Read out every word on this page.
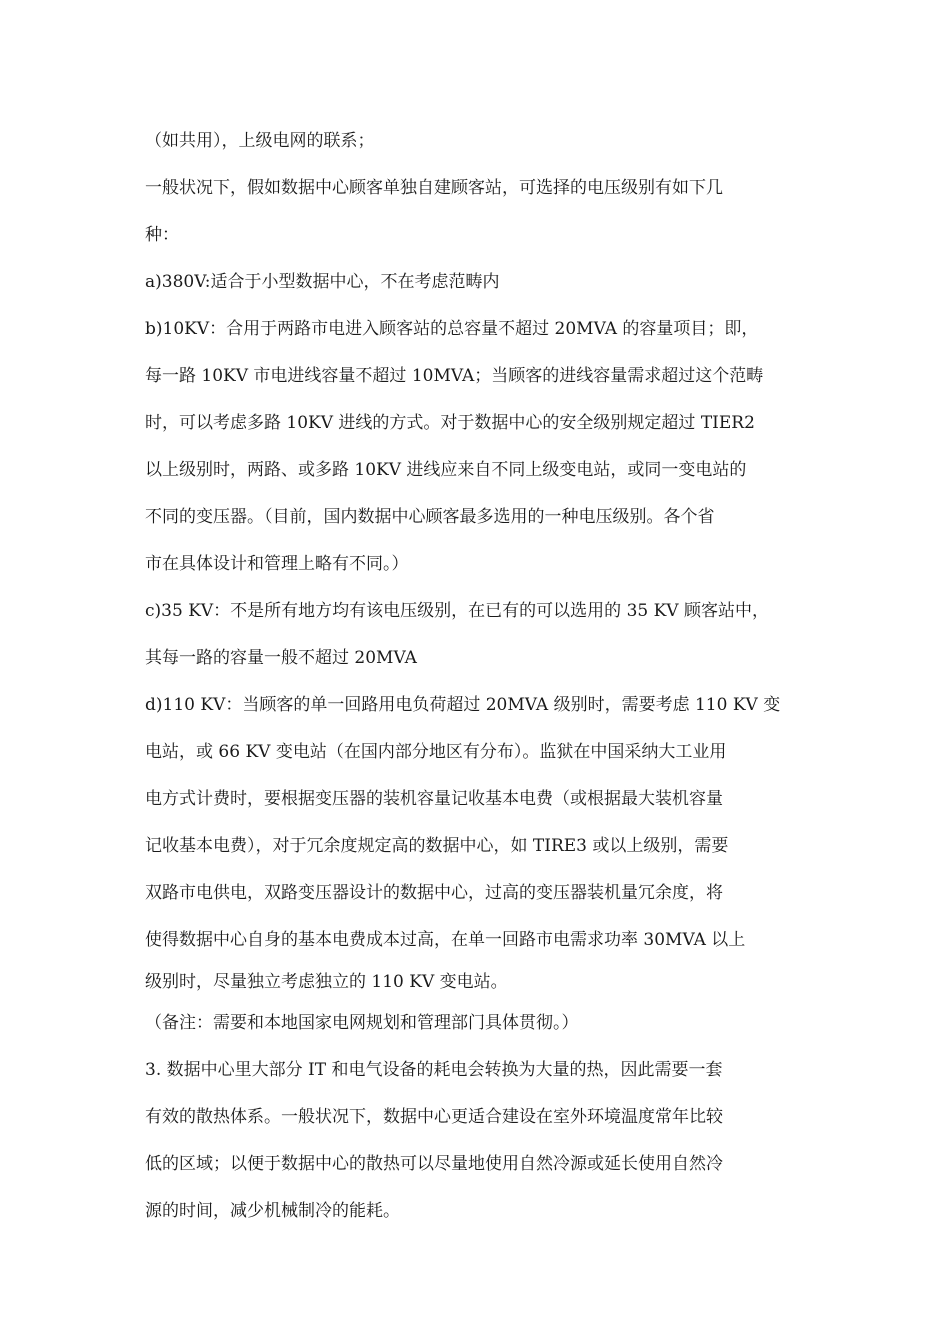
（如共用），上级电网的联系；
一般状况下，假如数据中心顾客单独自建顾客站，可选择的电压级别有如下几
种：
a)380V:适合于小型数据中心，不在考虑范畴内
b)10KV：合用于两路市电进入顾客站的总容量不超过 20MVA 的容量项目；即，
每一路 10KV 市电进线容量不超过 10MVA；当顾客的进线容量需求超过这个范畴
时，可以考虑多路 10KV 进线的方式。对于数据中心的安全级别规定超过 TIER2
以上级别时，两路、或多路 10KV 进线应来自不同上级变电站，或同一变电站的
不同的变压器。（目前，国内数据中心顾客最多选用的一种电压级别。各个省
市在具体设计和管理上略有不同。）
c)35 KV：不是所有地方均有该电压级别，在已有的可以选用的 35 KV 顾客站中，
其每一路的容量一般不超过 20MVA
d)110 KV：当顾客的单一回路用电负荷超过 20MVA 级别时，需要考虑 110 KV 变
电站，或 66 KV 变电站（在国内部分地区有分布）。监狱在中国采纳大工业用
电方式计费时，要根据变压器的装机容量记收基本电费（或根据最大装机容量
记收基本电费），对于冗余度规定高的数据中心，如 TIRE3 或以上级别，需要
双路市电供电，双路变压器设计的数据中心，过高的变压器装机量冗余度，将
使得数据中心自身的基本电费成本过高，在单一回路市电需求功率 30MVA 以上
级别时，尽量独立考虑独立的 110 KV 变电站。
（备注：需要和本地国家电网规划和管理部门具体贯彻。）
3. 数据中心里大部分 IT 和电气设备的耗电会转换为大量的热，因此需要一套
有效的散热体系。一般状况下，数据中心更适合建设在室外环境温度常年比较
低的区域；以便于数据中心的散热可以尽量地使用自然冷源或延长使用自然冷
源的时间，减少机械制冷的能耗。
